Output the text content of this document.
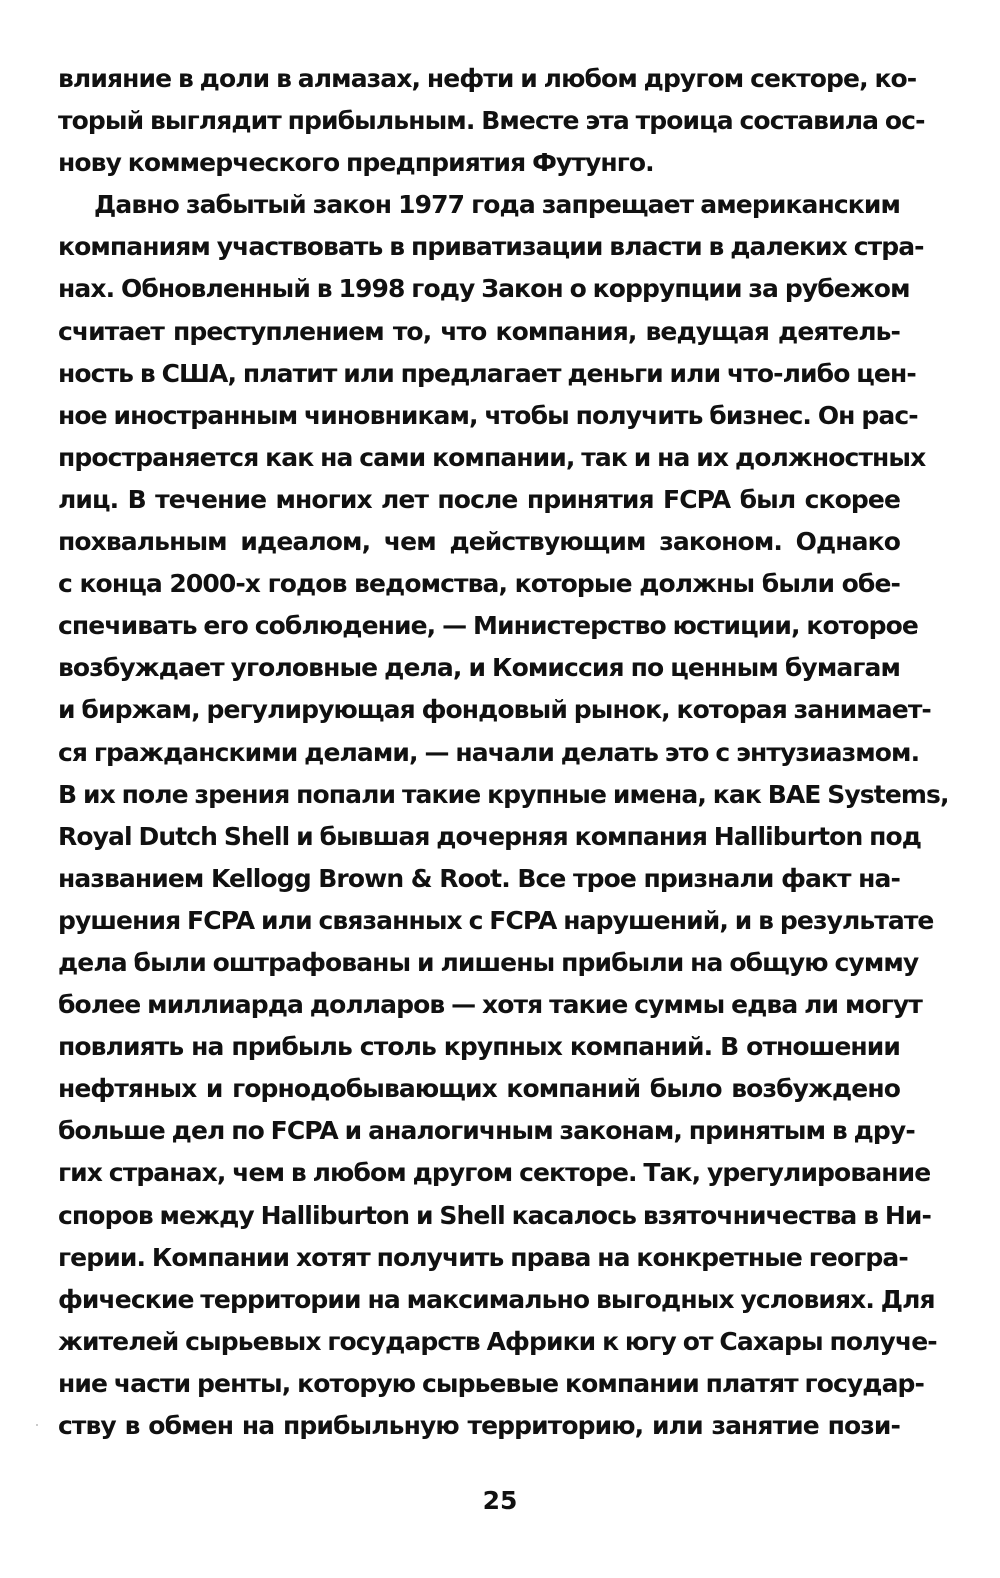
влияние в доли в алмазах, нефти и любом другом секторе, ко-
торый выглядит прибыльным. Вместе эта троица составила ос-
нову коммерческого предприятия Футунго.
Давно забытый закон 1977 года запрещает американским
компаниям участвовать в приватизации власти в далеких стра-
нах. Обновленный в 1998 году Закон о коррупции за рубежом
считает преступлением то, что компания, ведущая деятель-
ность в США, платит или предлагает деньги или что-либо цен-
ное иностранным чиновникам, чтобы получить бизнес. Он рас-
пространяется как на сами компании, так и на их должностных
лиц. В течение многих лет после принятия FCPA был скорее
похвальным идеалом, чем действующим законом. Однако
с конца 2000-х годов ведомства, которые должны были обе-
спечивать его соблюдение, — Министерство юстиции, которое
возбуждает уголовные дела, и Комиссия по ценным бумагам
и биржам, регулирующая фондовый рынок, которая занимает-
ся гражданскими делами, — начали делать это с энтузиазмом.
В их поле зрения попали такие крупные имена, как BAE Systems,
Royal Dutch Shell и бывшая дочерняя компания Halliburton под
названием Kellogg Brown & Root. Все трое признали факт на-
рушения FCPA или связанных с FCPA нарушений, и в результате
дела были оштрафованы и лишены прибыли на общую сумму
более миллиарда долларов — хотя такие суммы едва ли могут
повлиять на прибыль столь крупных компаний. В отношении
нефтяных и горнодобывающих компаний было возбуждено
больше дел по FCPA и аналогичным законам, принятым в дру-
гих странах, чем в любом другом секторе. Так, урегулирование
споров между Halliburton и Shell касалось взяточничества в Ни-
герии. Компании хотят получить права на конкретные геогра-
фические территории на максимально выгодных условиях. Для
жителей сырьевых государств Африки к югу от Сахары получе-
ние части ренты, которую сырьевые компании платят государ-
ству в обмен на прибыльную территорию, или занятие пози-
25
